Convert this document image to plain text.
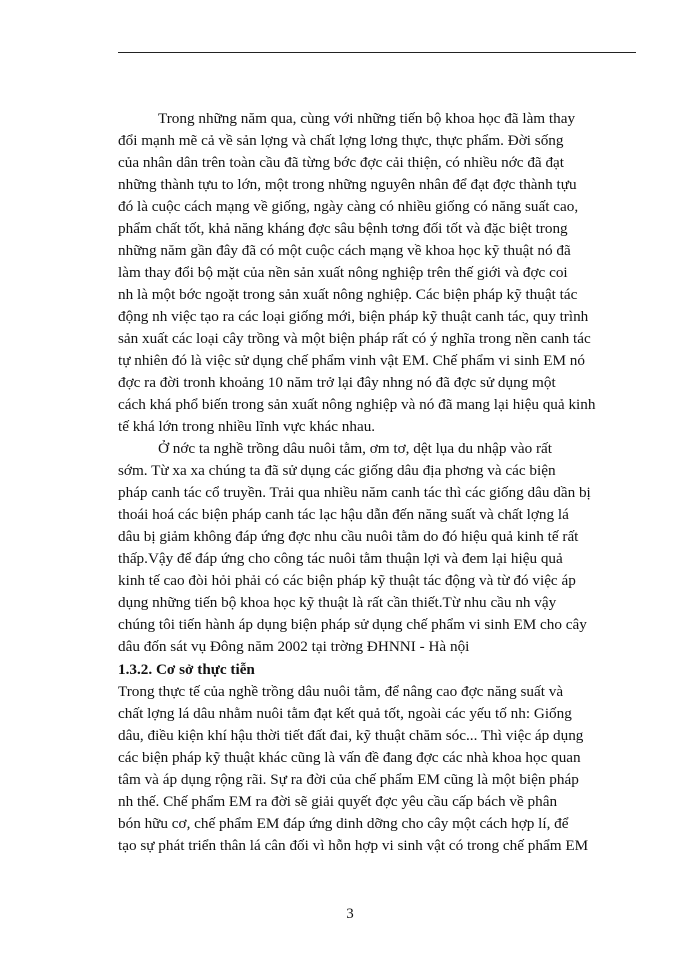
Trong những năm qua, cùng với những tiến bộ khoa học đã làm thay
đổi mạnh mẽ cả về sản lợng và chất lợng lơng thực, thực phẩm. Đời sống
của nhân dân trên toàn cầu đã từng bớc đợc cải thiện, có nhiều nớc đã đạt
những thành tựu to lớn, một trong những nguyên nhân để đạt đợc thành tựu
đó là cuộc cách mạng về giống, ngày càng có nhiều giống có năng suất cao,
phẩm chất tốt, khả năng kháng đợc sâu bệnh tơng đối tốt và đặc biệt trong
những năm gần đây đã có một cuộc cách mạng về khoa học kỹ thuật nó đã
làm thay đổi bộ mặt của nền sản xuất nông nghiệp trên thế giới và đợc coi
nh là một bớc ngoặt trong sản xuất nông nghiệp. Các biện pháp kỹ thuật tác
động nh việc tạo ra các loại giống mới, biện pháp kỹ thuật canh tác, quy trình
sản xuất các loại cây trồng và một biện pháp rất có ý nghĩa trong nền canh tác
tự nhiên đó là việc sử dụng chế phẩm vinh vật EM. Chế phẩm vi sinh EM nó
đợc ra đời tronh khoảng 10 năm trở lại đây nhng nó đã đợc sử dụng một
cách khá phổ biến trong sản xuất nông nghiệp và nó đã mang lại hiệu quả kinh
tế khá lớn trong nhiều lĩnh vực khác nhau.

Ở nớc ta nghề trồng dâu nuôi tằm, ơm tơ, dệt lụa du nhập vào rất
sớm. Từ xa xa chúng ta đã sử dụng các giống dâu địa phơng và các biện
pháp canh tác cổ truyền. Trải qua nhiều năm canh tác thì các giống dâu dần bị
thoái hoá các biện pháp canh tác lạc hậu dẫn đến năng suất và chất lợng lá
dâu bị giảm không đáp ứng đợc nhu cầu nuôi tằm do đó hiệu quả kinh tế rất
thấp.Vậy để đáp ứng cho công tác nuôi tằm thuận lợi và đem lại hiệu quả
kinh tế cao đòi hỏi phải có các biện pháp kỹ thuật tác động và từ đó việc áp
dụng những tiến bộ khoa học kỹ thuật là rất cần thiết.Từ nhu cầu nh vậy
chúng tôi tiến hành áp dụng biện pháp sử dụng chế phẩm vi sinh EM cho cây
dâu đốn sát vụ Đông năm 2002 tại trờng ĐHNNI - Hà nội

1.3.2. Cơ sở thực tiễn

Trong thực tế của nghề trồng dâu nuôi tằm, để nâng cao đợc năng suất và
chất lợng lá dâu nhằm nuôi tằm đạt kết quả tốt, ngoài các yếu tố nh: Giống
dâu, điều kiện khí hậu thời tiết đất đai, kỹ thuật chăm sóc... Thì việc áp dụng
các biện pháp kỹ thuật khác cũng là vấn đề đang đợc các nhà khoa học quan
tâm và áp dụng rộng rãi. Sự ra đời của chế phẩm EM cũng là một biện pháp
nh thế. Chế phẩm EM ra đời sẽ giải quyết đợc yêu cầu cấp bách về phân
bón hữu cơ, chế phẩm EM đáp ứng dinh dỡng cho cây một cách hợp lí, để
tạo sự phát triển thân lá cân đối vì hỗn hợp vi sinh vật có trong chế phẩm EM

3
